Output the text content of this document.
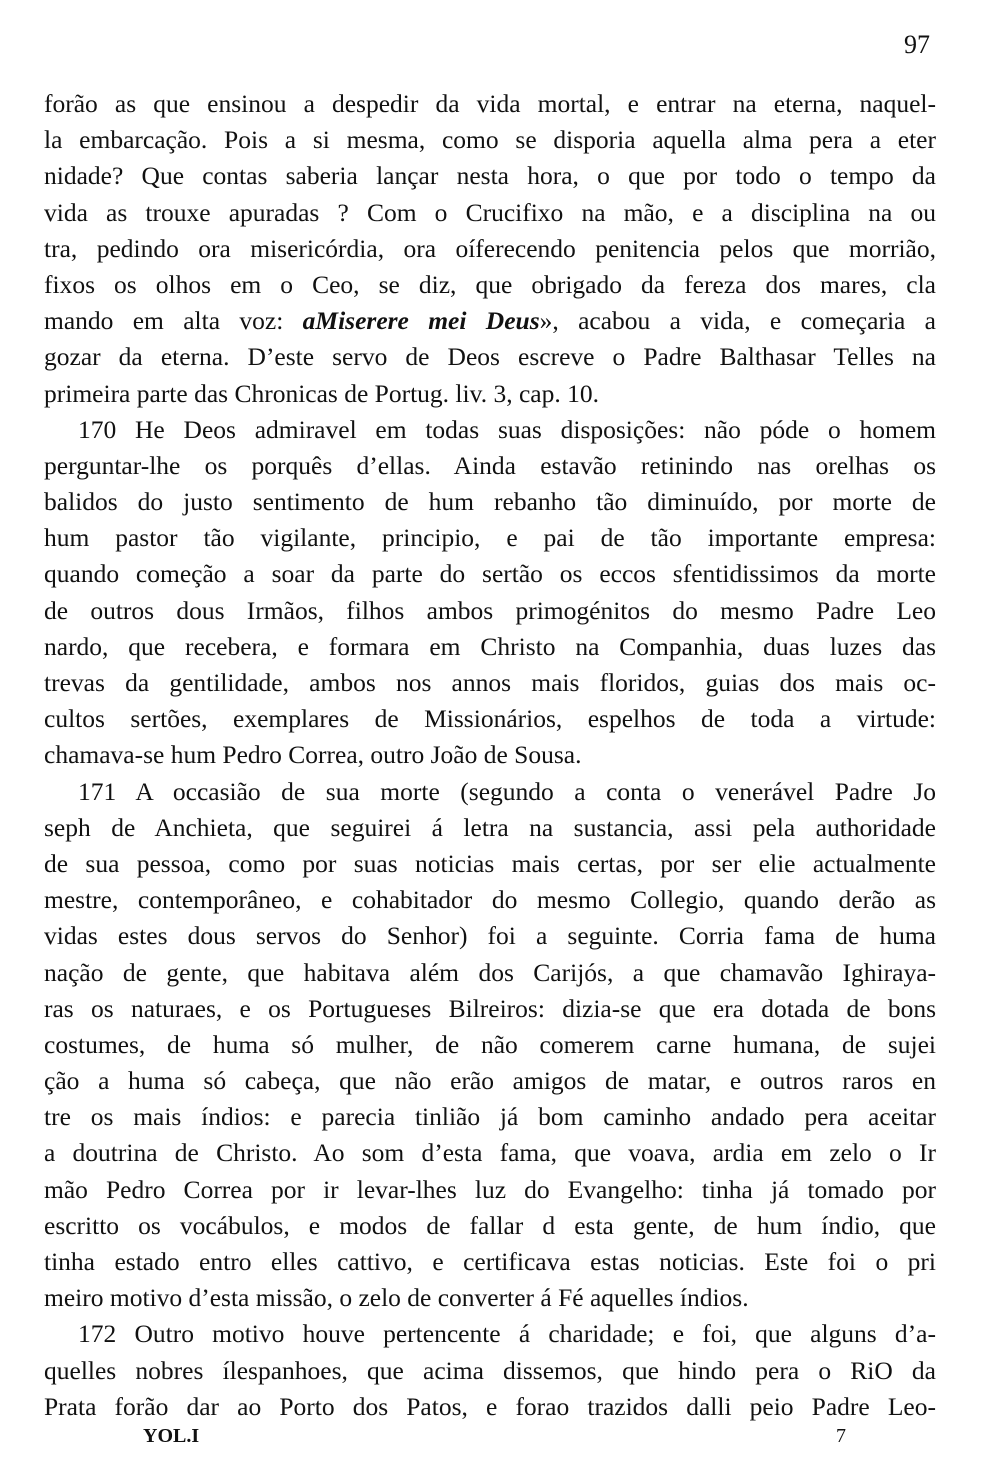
97
forão as que ensinou a despedir da vida mortal, e entrar na eterna, naquel-
la embarcação. Pois a si mesma, como se disporia aquella alma pera a eter
nidade? Que contas saberia lançar nesta hora, o que por todo o tempo da
vida as trouxe apuradas ? Com o Crucifixo na mão, e a disciplina na ou
tra, pedindo ora misericórdia, ora oíferecendo penitencia pelos que morrião,
fixos os olhos em o Ceo, se diz, que obrigado da fereza dos mares, cla
mando em alta voz: aMiserere mei Deus», acabou a vida, e começaria a
gozar da eterna. D’este servo de Deos escreve o Padre Balthasar Telles na
primeira parte das Chronicas de Portug. liv. 3, cap. 10.
170 He Deos admiravel em todas suas disposições: não póde o homem
perguntar-lhe os porquês d’ellas. Ainda estavão retinindo nas orelhas os
balidos do justo sentimento de hum rebanho tão diminuído, por morte de
hum pastor tão vigilante, principio, e pai de tão importante empresa:
quando começão a soar da parte do sertão os eccos sfentidissimos da morte
de outros dous Irmãos, filhos ambos primogénitos do mesmo Padre Leo
nardo, que recebera, e formara em Christo na Companhia, duas luzes das
trevas da gentilidade, ambos nos annos mais floridos, guias dos mais oc-
cultos sertões, exemplares de Missionários, espelhos de toda a virtude:
chamava-se hum Pedro Correa, outro João de Sousa.
171 A occasião de sua morte (segundo a conta o venerável Padre Jo
seph de Anchieta, que seguirei á letra na sustancia, assi pela authoridade
de sua pessoa, como por suas noticias mais certas, por ser elie actualmente
mestre, contemporâneo, e cohabitador do mesmo Collegio, quando derão as
vidas estes dous servos do Senhor) foi a seguinte. Corria fama de huma
nação de gente, que habitava além dos Carijós, a que chamavão Ighiraya-
ras os naturaes, e os Portugueses Bilreiros: dizia-se que era dotada de bons
costumes, de huma só mulher, de não comerem carne humana, de sujei
ção a huma só cabeça, que não erão amigos de matar, e outros raros en
tre os mais índios: e parecia tinlião já bom caminho andado pera aceitar
a doutrina de Christo. Ao som d’esta fama, que voava, ardia em zelo o Ir
mão Pedro Correa por ir levar-lhes luz do Evangelho: tinha já tomado por
escritto os vocábulos, e modos de fallar d esta gente, de hum índio, que
tinha estado entro elles cattivo, e certificava estas noticias. Este foi o pri
meiro motivo d’esta missão, o zelo de converter á Fé aquelles índios.
172 Outro motivo houve pertencente á charidade; e foi, que alguns d’a-
quelles nobres ílespanhoes, que acima dissemos, que hindo pera o RiO da
Prata forão dar ao Porto dos Patos, e forao trazidos dalli peio Padre Leo-
YOL.I	7
